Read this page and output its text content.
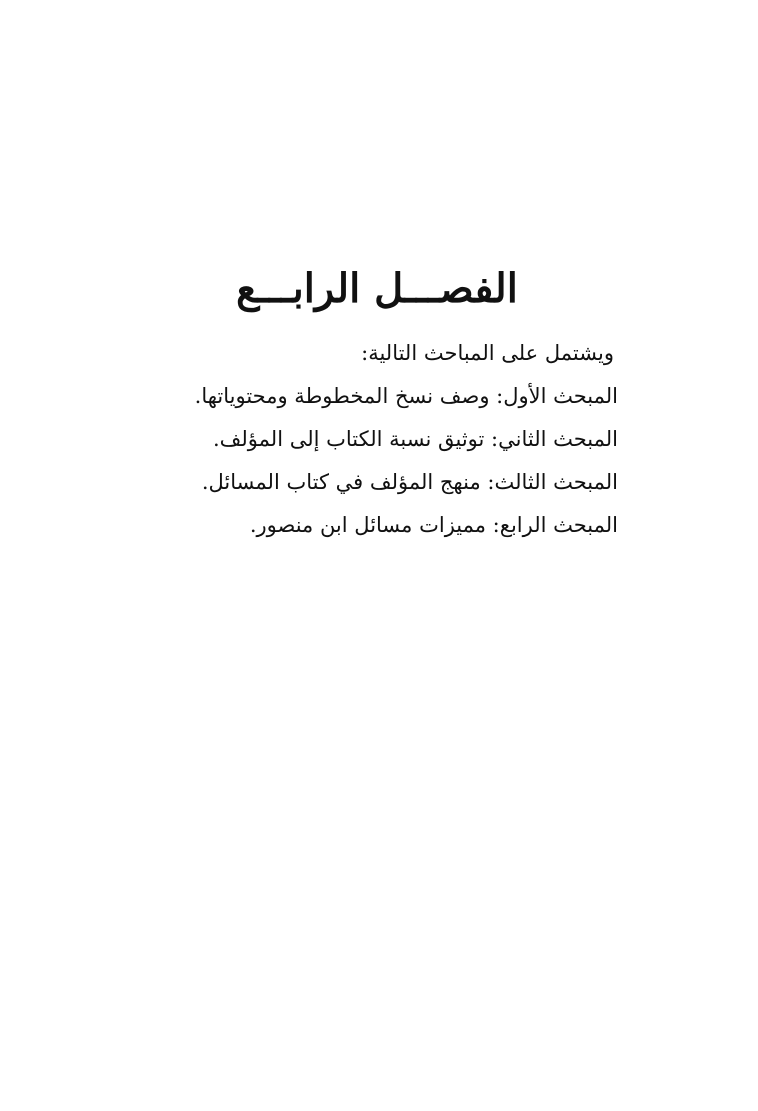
الفصـــل الرابـــع

ويشتمل على المباحث التالية:

المبحث الأول: وصف نسخ المخطوطة ومحتوياتها.
المبحث الثاني: توثيق نسبة الكتاب إلى المؤلف.
المبحث الثالث: منهج المؤلف في كتاب المسائل.
المبحث الرابع: مميزات مسائل ابن منصور.
